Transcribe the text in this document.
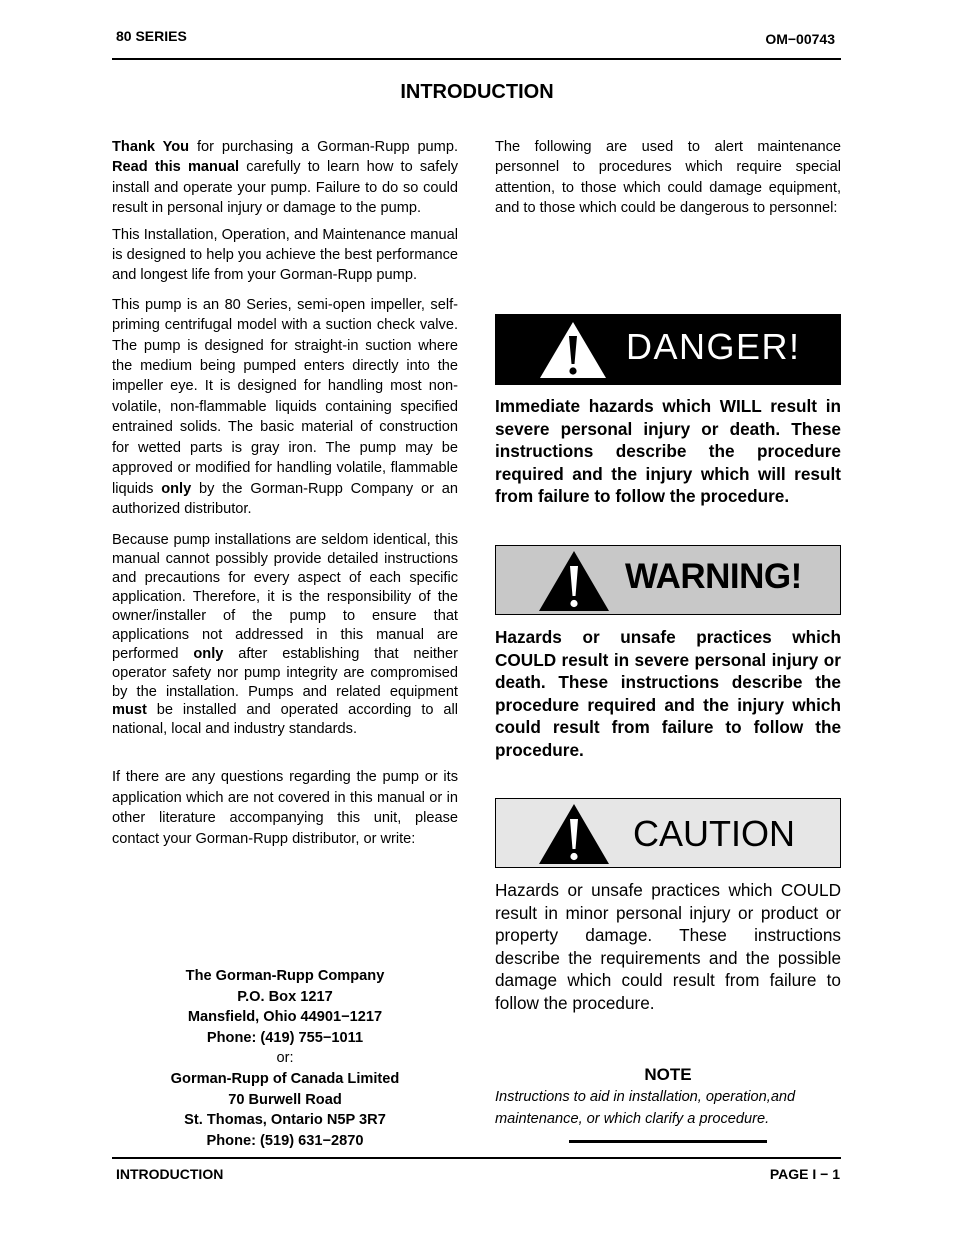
80 SERIES	OM−00743
INTRODUCTION

Thank You for purchasing a Gorman-Rupp pump. Read this manual carefully to learn how to safely install and operate your pump. Failure to do so could result in personal injury or damage to the pump.

This Installation, Operation, and Maintenance manual is designed to help you achieve the best performance and longest life from your Gorman-Rupp pump.

This pump is an 80 Series, semi-open impeller, self-priming centrifugal model with a suction check valve. The pump is designed for straight-in suction where the medium being pumped enters directly into the impeller eye. It is designed for handling most non-volatile, non-flammable liquids containing specified entrained solids. The basic material of construction for wetted parts is gray iron. The pump may be approved or modified for handling volatile, flammable liquids only by the Gorman-Rupp Company or an authorized distributor.

Because pump installations are seldom identical, this manual cannot possibly provide detailed instructions and precautions for every aspect of each specific application. Therefore, it is the responsibility of the owner/installer of the pump to ensure that applications not addressed in this manual are performed only after establishing that neither operator safety nor pump integrity are compromised by the installation. Pumps and related equipment must be installed and operated according to all national, local and industry standards.

If there are any questions regarding the pump or its application which are not covered in this manual or in other literature accompanying this unit, please contact your Gorman-Rupp distributor, or write:

The Gorman-Rupp Company
P.O. Box 1217
Mansfield, Ohio 44901−1217
Phone: (419) 755−1011
or:
Gorman-Rupp of Canada Limited
70 Burwell Road
St. Thomas, Ontario N5P 3R7
Phone: (519) 631−2870
The following are used to alert maintenance personnel to procedures which require special attention, to those which could damage equipment, and to those which could be dangerous to personnel:
DANGER!
Immediate hazards which WILL result in severe personal injury or death. These instructions describe the procedure required and the injury which will result from failure to follow the procedure.
WARNING!
Hazards or unsafe practices which COULD result in severe personal injury or death. These instructions describe the procedure required and the injury which could result from failure to follow the procedure.
CAUTION
Hazards or unsafe practices which COULD result in minor personal injury or product or property damage. These instructions describe the requirements and the possible damage which could result from failure to follow the procedure.
NOTE
Instructions to aid in installation, operation,and maintenance, or which clarify a procedure.
INTRODUCTION	PAGE I − 1
